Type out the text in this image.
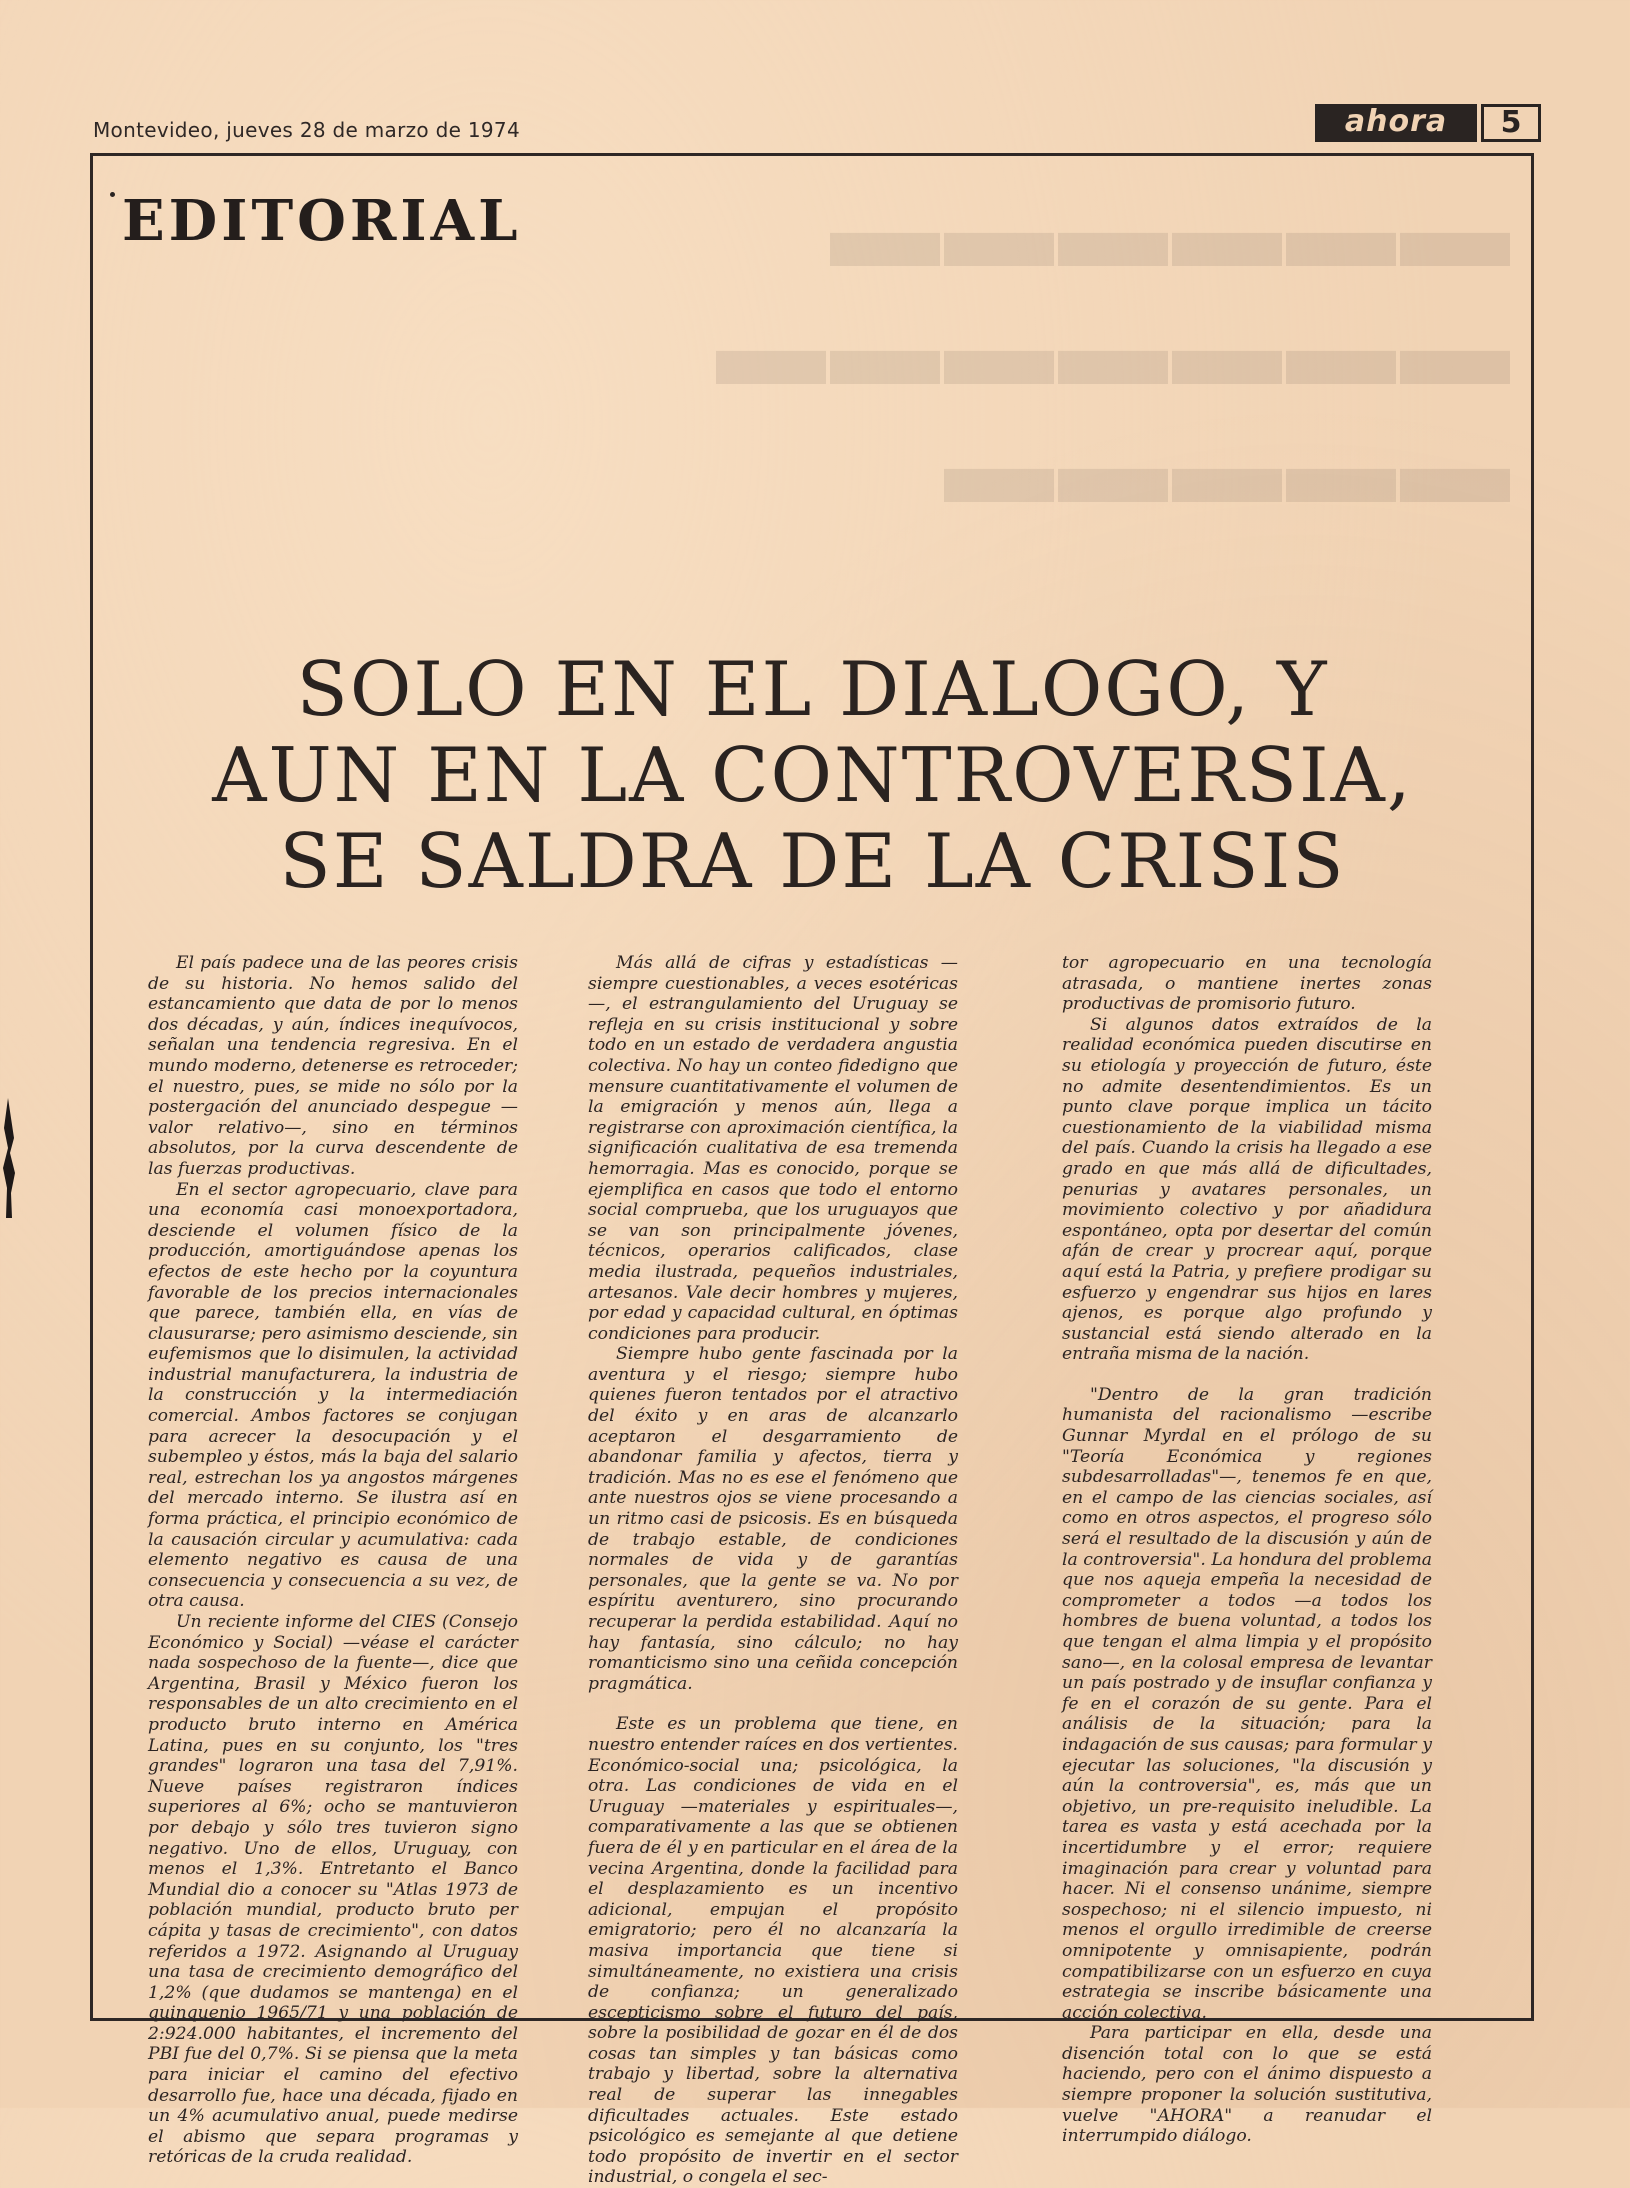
Montevideo, jueves 28 de marzo de 1974	ahora	5
▬▬▬▬▬▬
▬▬▬▬▬▬▬
▬▬▬▬▬
EDITORIAL
SOLO EN EL DIALOGO, Y
AUN EN LA CONTROVERSIA,
SE SALDRA DE LA CRISIS

El país padece una de las peores crisis de su historia. No hemos salido del estancamiento que data de por lo menos dos décadas, y aún, índices inequívocos, señalan una tendencia regresiva. En el mundo moderno, detenerse es retroceder; el nuestro, pues, se mide no sólo por la postergación del anunciado despegue —valor relativo—, sino en términos absolutos, por la curva descendente de las fuerzas productivas.

En el sector agropecuario, clave para una economía casi monoexportadora, desciende el volumen físico de la producción, amortiguándose apenas los efectos de este hecho por la coyuntura favorable de los precios internacionales que parece, también ella, en vías de clausurarse; pero asimismo desciende, sin eufemismos que lo disimulen, la actividad industrial manufacturera, la industria de la construcción y la intermediación comercial. Ambos factores se conjugan para acrecer la desocupación y el subempleo y éstos, más la baja del salario real, estrechan los ya angostos márgenes del mercado interno. Se ilustra así en forma práctica, el principio económico de la causación circular y acumulativa: cada elemento negativo es causa de una consecuencia y consecuencia a su vez, de otra causa.

Un reciente informe del CIES (Consejo Económico y Social) —véase el carácter nada sospechoso de la fuente—, dice que Argentina, Brasil y México fueron los responsables de un alto crecimiento en el producto bruto interno en América Latina, pues en su conjunto, los "tres grandes" lograron una tasa del 7,91%. Nueve países registraron índices superiores al 6%; ocho se mantuvieron por debajo y sólo tres tuvieron signo negativo. Uno de ellos, Uruguay, con menos el 1,3%. Entretanto el Banco Mundial dio a conocer su "Atlas 1973 de población mundial, producto bruto per cápita y tasas de crecimiento", con datos referidos a 1972. Asignando al Uruguay una tasa de crecimiento demográfico del 1,2% (que dudamos se mantenga) en el quinquenio 1965/71 y una población de 2:924.000 habitantes, el incremento del PBI fue del 0,7%. Si se piensa que la meta para iniciar el camino del efectivo desarrollo fue, hace una década, fijado en un 4% acumulativo anual, puede medirse el abismo que separa programas y retóricas de la cruda realidad.

Más allá de cifras y estadísticas —siempre cuestionables, a veces esotéricas—, el estrangulamiento del Uruguay se refleja en su crisis institucional y sobre todo en un estado de verdadera angustia colectiva. No hay un conteo fidedigno que mensure cuantitativamente el volumen de la emigración y menos aún, llega a registrarse con aproximación científica, la significación cualitativa de esa tremenda hemorragia. Mas es conocido, porque se ejemplifica en casos que todo el entorno social comprueba, que los uruguayos que se van son principalmente jóvenes, técnicos, operarios calificados, clase media ilustrada, pequeños industriales, artesanos. Vale decir hombres y mujeres, por edad y capacidad cultural, en óptimas condiciones para producir.

Siempre hubo gente fascinada por la aventura y el riesgo; siempre hubo quienes fueron tentados por el atractivo del éxito y en aras de alcanzarlo aceptaron el desgarramiento de abandonar familia y afectos, tierra y tradición. Mas no es ese el fenómeno que ante nuestros ojos se viene procesando a un ritmo casi de psicosis. Es en búsqueda de trabajo estable, de condiciones normales de vida y de garantías personales, que la gente se va. No por espíritu aventurero, sino procurando recuperar la perdida estabilidad. Aquí no hay fantasía, sino cálculo; no hay romanticismo sino una ceñida concepción pragmática.

Este es un problema que tiene, en nuestro entender raíces en dos vertientes. Económico-social una; psicológica, la otra. Las condiciones de vida en el Uruguay —materiales y espirituales—, comparativamente a las que se obtienen fuera de él y en particular en el área de la vecina Argentina, donde la facilidad para el desplazamiento es un incentivo adicional, empujan el propósito emigratorio; pero él no alcanzaría la masiva importancia que tiene si simultáneamente, no existiera una crisis de confianza; un generalizado escepticismo sobre el futuro del país, sobre la posibilidad de gozar en él de dos cosas tan simples y tan básicas como trabajo y libertad, sobre la alternativa real de superar las innegables dificultades actuales. Este estado psicológico es semejante al que detiene todo propósito de invertir en el sector industrial, o congela el sec-

tor agropecuario en una tecnología atrasada, o mantiene inertes zonas productivas de promisorio futuro.

Si algunos datos extraídos de la realidad económica pueden discutirse en su etiología y proyección de futuro, éste no admite desentendimientos. Es un punto clave porque implica un tácito cuestionamiento de la viabilidad misma del país. Cuando la crisis ha llegado a ese grado en que más allá de dificultades, penurias y avatares personales, un movimiento colectivo y por añadidura espontáneo, opta por desertar del común afán de crear y procrear aquí, porque aquí está la Patria, y prefiere prodigar su esfuerzo y engendrar sus hijos en lares ajenos, es porque algo profundo y sustancial está siendo alterado en la entraña misma de la nación.

"Dentro de la gran tradición humanista del racionalismo —escribe Gunnar Myrdal en el prólogo de su "Teoría Económica y regiones subdesarrolladas"—, tenemos fe en que, en el campo de las ciencias sociales, así como en otros aspectos, el progreso sólo será el resultado de la discusión y aún de la controversia". La hondura del problema que nos aqueja empeña la necesidad de comprometer a todos —a todos los hombres de buena voluntad, a todos los que tengan el alma limpia y el propósito sano—, en la colosal empresa de levantar un país postrado y de insuflar confianza y fe en el corazón de su gente. Para el análisis de la situación; para la indagación de sus causas; para formular y ejecutar las soluciones, "la discusión y aún la controversia", es, más que un objetivo, un pre-requisito ineludible. La tarea es vasta y está acechada por la incertidumbre y el error; requiere imaginación para crear y voluntad para hacer. Ni el consenso unánime, siempre sospechoso; ni el silencio impuesto, ni menos el orgullo irredimible de creerse omnipotente y omnisapiente, podrán compatibilizarse con un esfuerzo en cuya estrategia se inscribe básicamente una acción colectiva.

Para participar en ella, desde una disención total con lo que se está haciendo, pero con el ánimo dispuesto a siempre proponer la solución sustitutiva, vuelve "AHORA" a reanudar el interrumpido diálogo.
